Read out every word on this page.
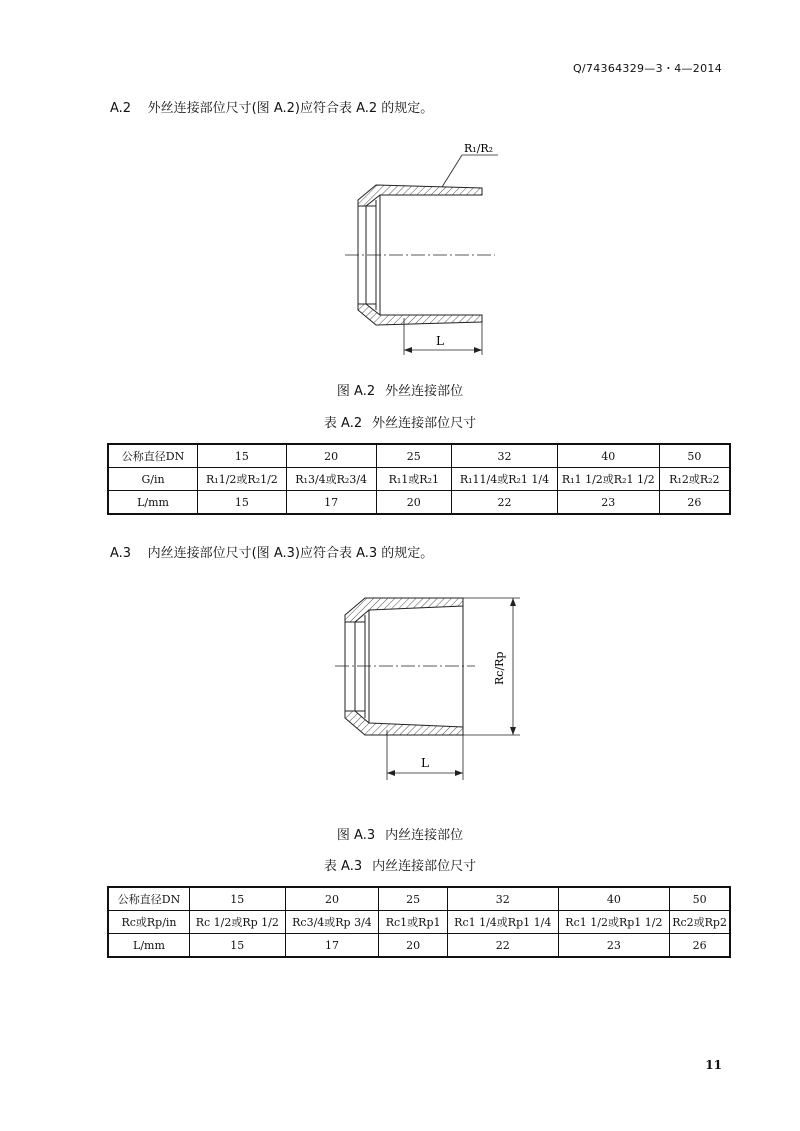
Q/74364329—3・4—2014
A.2 外丝连接部位尺寸(图 A.2)应符合表 A.2 的规定。
R₁/R₂
L
图 A.2 外丝连接部位
表 A.2 外丝连接部位尺寸
公称直径DN	15	20	25	32	40	50
G/in	R₁1/2或R₂1/2	R₁3/4或R₂3/4	R₁1或R₂1	R₁11/4或R₂1 1/4	R₁1 1/2或R₂1 1/2	R₁2或R₂2
L/mm	15	17	20	22	23	26
A.3 内丝连接部位尺寸(图 A.3)应符合表 A.3 的规定。
Rc/Rp
L
图 A.3 内丝连接部位
表 A.3 内丝连接部位尺寸
公称直径DN	15	20	25	32	40	50
Rc或Rp/in	Rc 1/2或Rp 1/2	Rc3/4或Rp 3/4	Rc1或Rp1	Rc1 1/4或Rp1 1/4	Rc1 1/2或Rp1 1/2	Rc2或Rp2
L/mm	15	17	20	22	23	26
11
